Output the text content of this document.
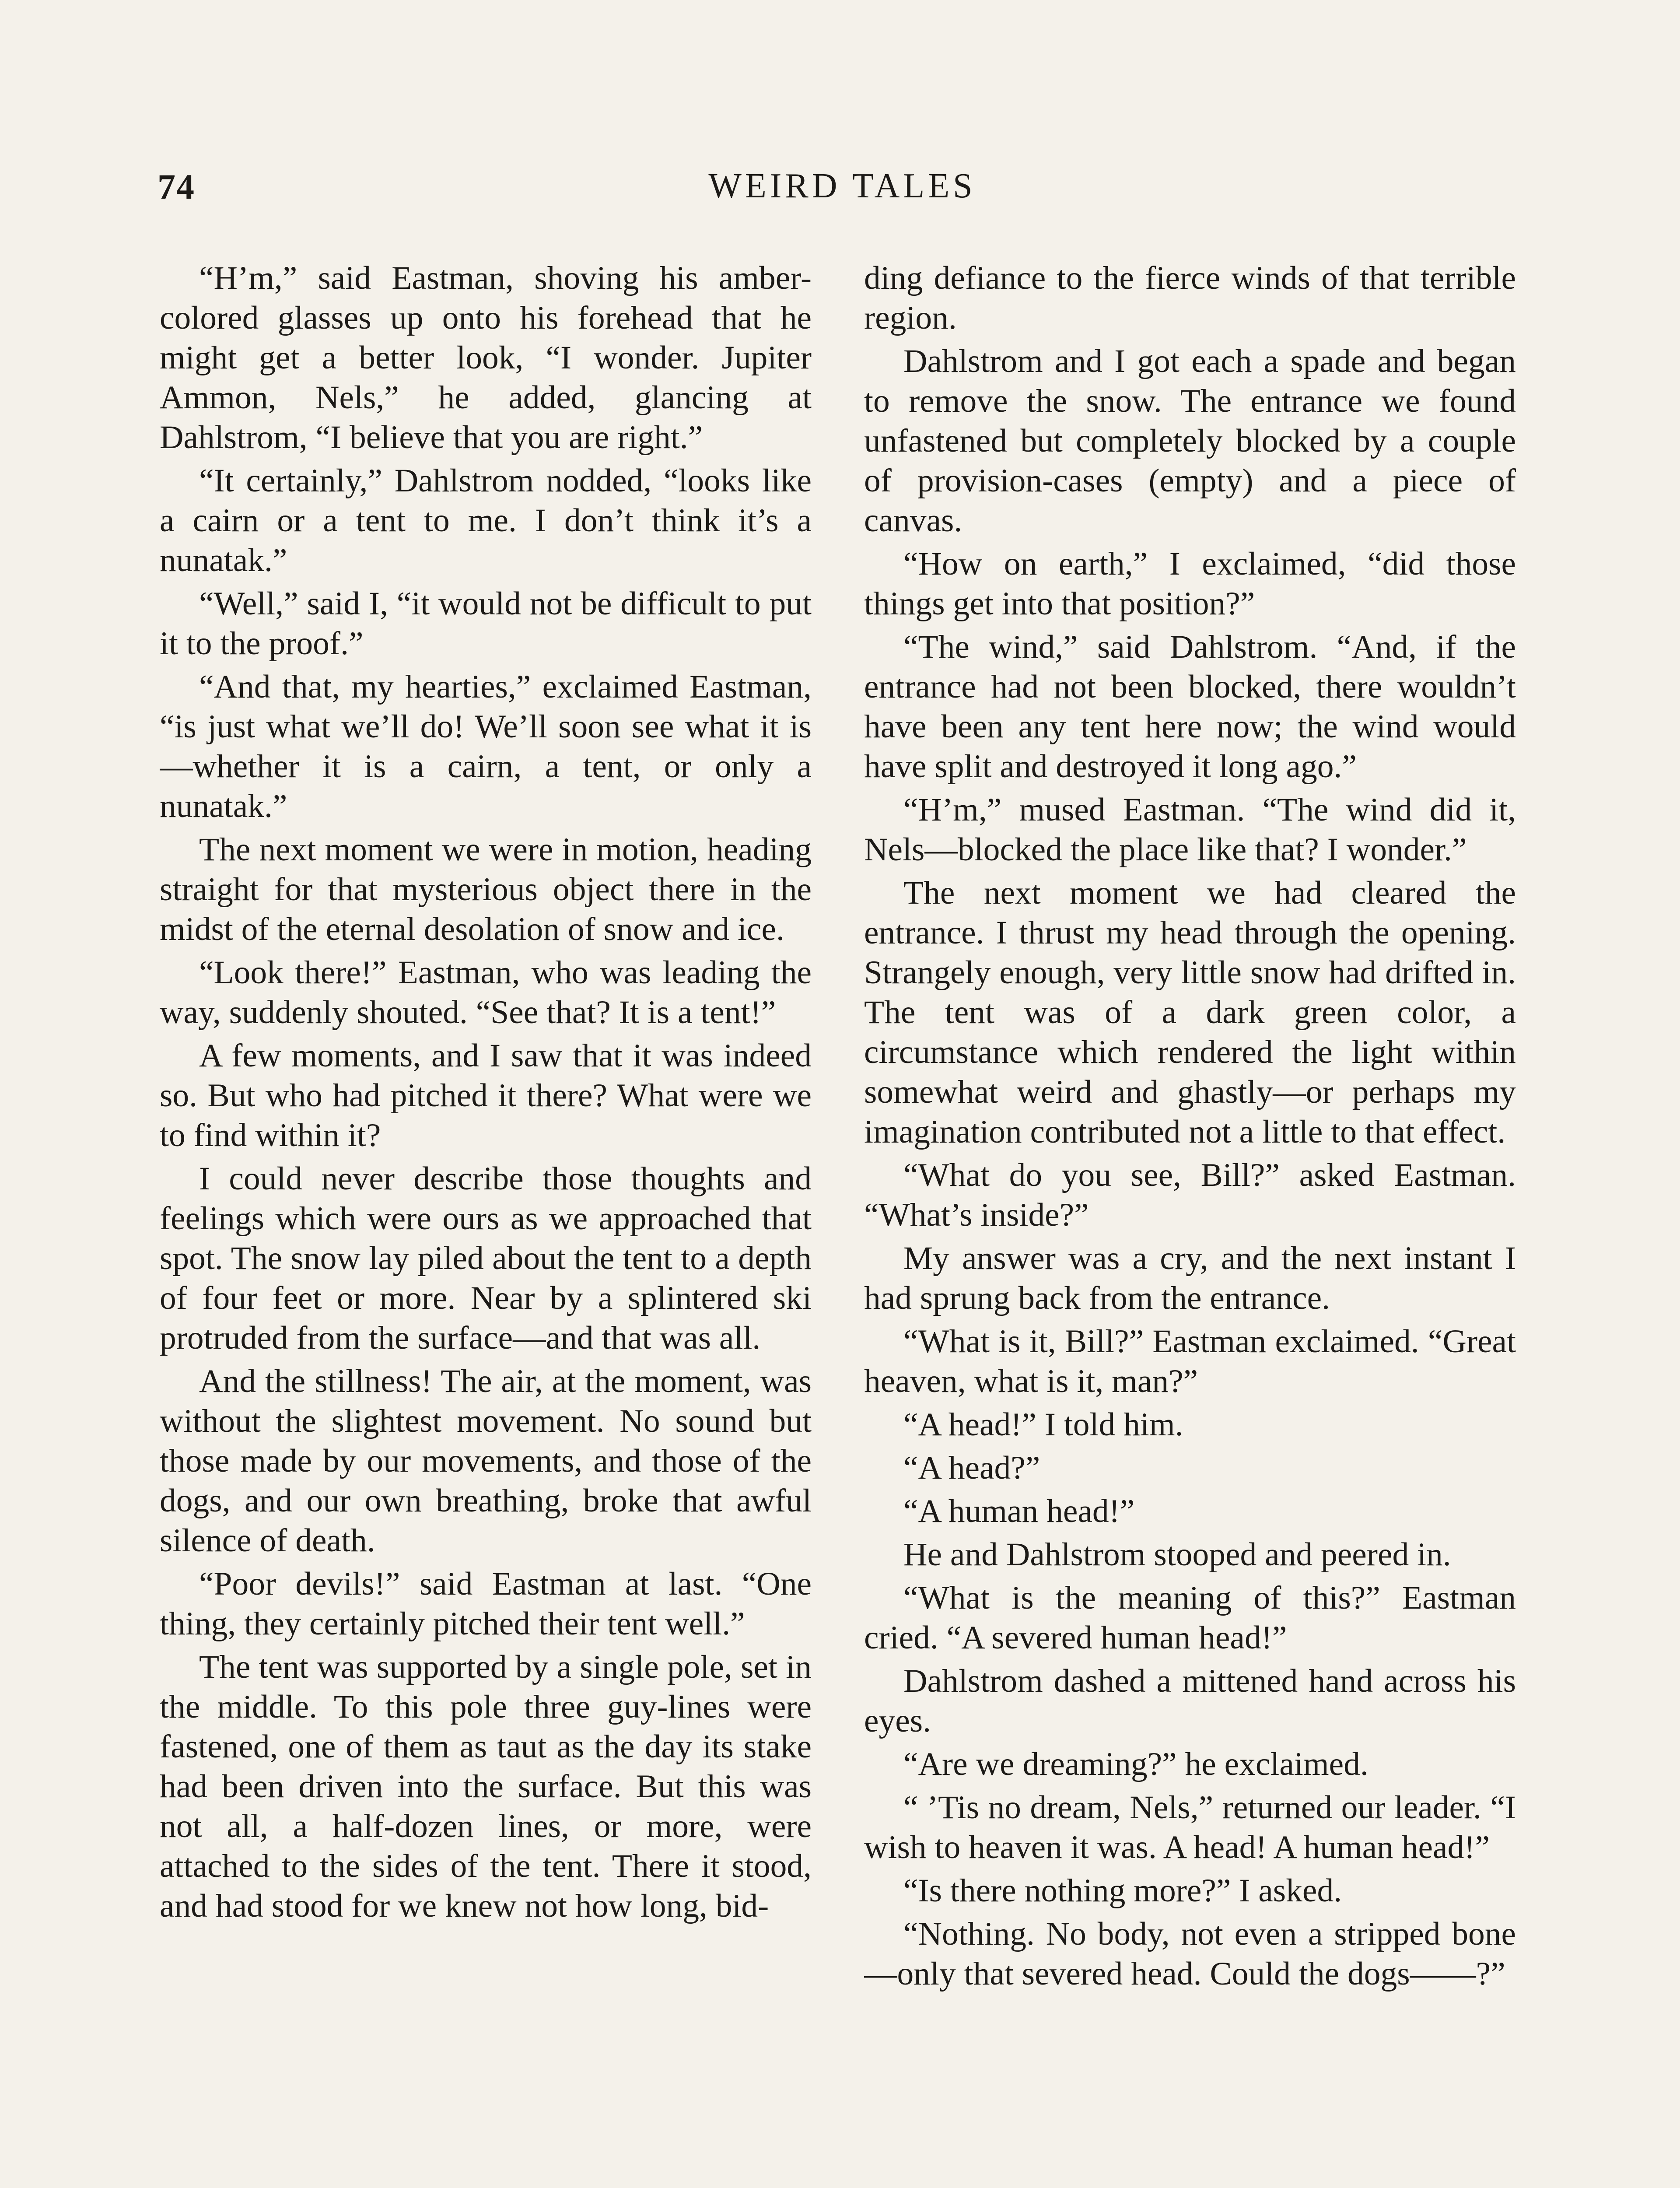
74	WEIRD TALES

“H’m,” said Eastman, shoving his amber-colored glasses up onto his forehead that he might get a better look, “I wonder. Jupiter Ammon, Nels,” he added, glancing at Dahlstrom, “I believe that you are right.”

“It certainly,” Dahlstrom nodded, “looks like a cairn or a tent to me. I don’t think it’s a nunatak.”

“Well,” said I, “it would not be difficult to put it to the proof.”

“And that, my hearties,” exclaimed Eastman, “is just what we’ll do! We’ll soon see what it is —whether it is a cairn, a tent, or only a nunatak.”

The next moment we were in motion, heading straight for that mysterious object there in the midst of the eternal desolation of snow and ice.

“Look there!” Eastman, who was leading the way, suddenly shouted. “See that? It is a tent!”

A few moments, and I saw that it was indeed so. But who had pitched it there? What were we to find within it?

I could never describe those thoughts and feelings which were ours as we approached that spot. The snow lay piled about the tent to a depth of four feet or more. Near by a splintered ski protruded from the surface—and that was all.

And the stillness! The air, at the moment, was without the slightest movement. No sound but those made by our movements, and those of the dogs, and our own breathing, broke that awful silence of death.

“Poor devils!” said Eastman at last. “One thing, they certainly pitched their tent well.”

The tent was supported by a single pole, set in the middle. To this pole three guy-lines were fastened, one of them as taut as the day its stake had been driven into the surface. But this was not all, a half-dozen lines, or more, were attached to the sides of the tent. There it stood, and had stood for we knew not how long, bid-

ding defiance to the fierce winds of that terrible region.

Dahlstrom and I got each a spade and began to remove the snow. The entrance we found unfastened but completely blocked by a couple of provision-cases (empty) and a piece of canvas.

“How on earth,” I exclaimed, “did those things get into that position?”

“The wind,” said Dahlstrom. “And, if the entrance had not been blocked, there wouldn’t have been any tent here now; the wind would have split and destroyed it long ago.”

“H’m,” mused Eastman. “The wind did it, Nels—blocked the place like that? I wonder.”

The next moment we had cleared the entrance. I thrust my head through the opening. Strangely enough, very little snow had drifted in. The tent was of a dark green color, a circumstance which rendered the light within somewhat weird and ghastly—or perhaps my imagination contributed not a little to that effect.

“What do you see, Bill?” asked Eastman. “What’s inside?”

My answer was a cry, and the next instant I had sprung back from the entrance.

“What is it, Bill?” Eastman exclaimed. “Great heaven, what is it, man?”

“A head!” I told him.

“A head?”

“A human head!”

He and Dahlstrom stooped and peered in.

“What is the meaning of this?” Eastman cried. “A severed human head!”

Dahlstrom dashed a mittened hand across his eyes.

“Are we dreaming?” he exclaimed.

“ ’Tis no dream, Nels,” returned our leader. “I wish to heaven it was. A head! A human head!”

“Is there nothing more?” I asked.

“Nothing. No body, not even a stripped bone—only that severed head. Could the dogs——?”
